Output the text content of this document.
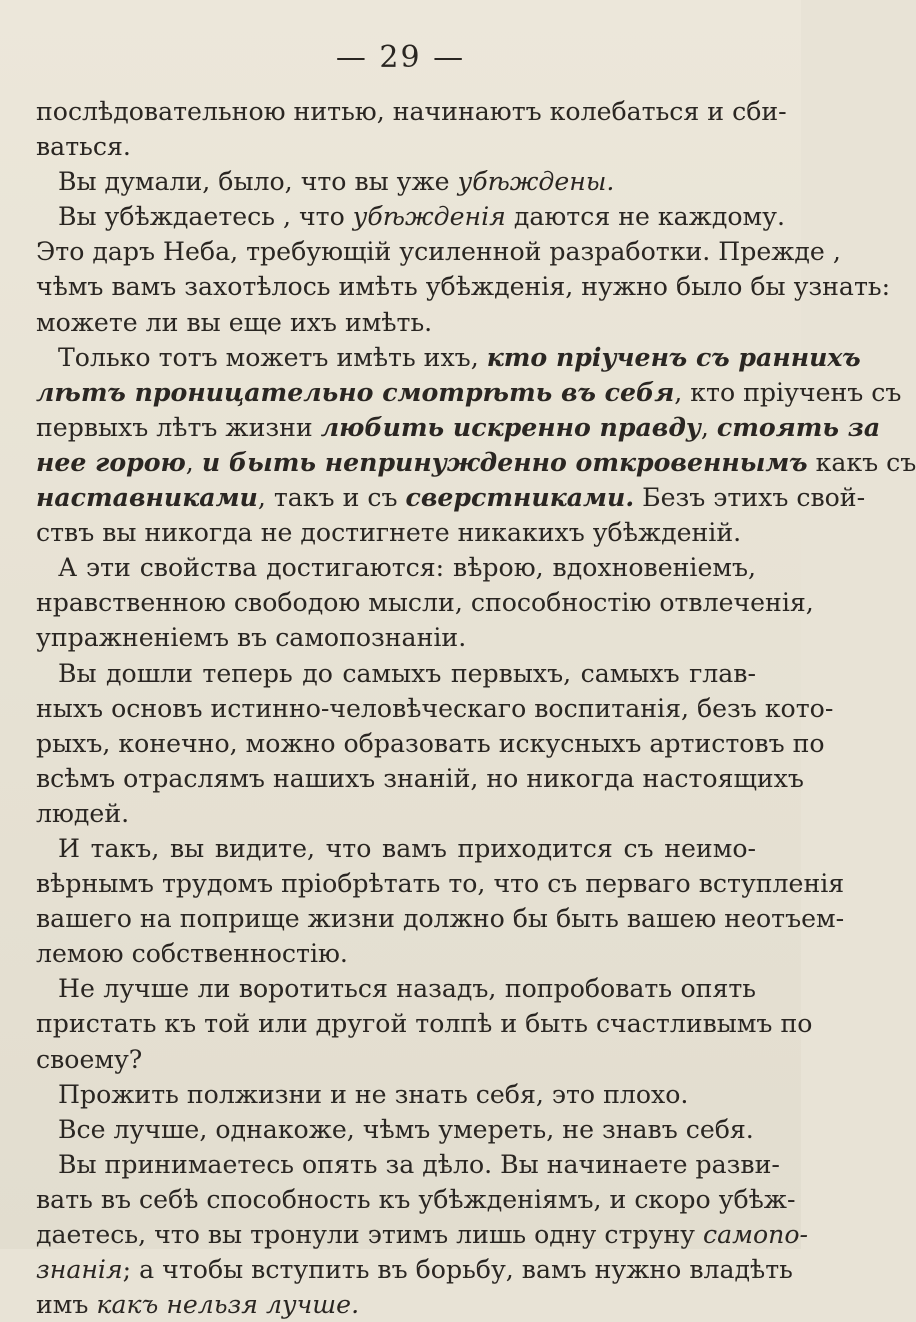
— 29 —
послѣдовательною нитью, начинаютъ колебаться и сби-
ваться.
Вы думали, было, что вы уже убѣждены.
Вы убѣждаетесь , что убѣжденія даются не каждому.
Это даръ Неба, требующій усиленной разработки. Прежде ,
чѣмъ вамъ захотѣлось имѣть убѣжденія, нужно было бы узнать:
можете ли вы еще ихъ имѣть.
Только тотъ можетъ имѣть ихъ, кто пріученъ съ раннихъ
лѣтъ проницательно смотрѣть въ себя, кто пріученъ съ
первыхъ лѣтъ жизни любить искренно правду, стоять за
нее горою, и быть непринужденно откровеннымъ какъ съ
наставниками, такъ и съ сверстниками. Безъ этихъ свой-
ствъ вы никогда не достигнете никакихъ убѣжденій.
А эти свойства достигаются: вѣрою, вдохновеніемъ,
нравственною свободою мысли, способностію отвлеченія,
упражненіемъ въ самопознаніи.
Вы дошли теперь до самыхъ первыхъ, самыхъ глав-
ныхъ основъ истинно-человѣческаго воспитанія, безъ кото-
рыхъ, конечно, можно образовать искусныхъ артистовъ по
всѣмъ отраслямъ нашихъ знаній, но никогда настоящихъ
людей.
И такъ, вы видите, что вамъ приходится съ неимо-
вѣрнымъ трудомъ пріобрѣтать то, что съ перваго вступленія
вашего на поприще жизни должно бы быть вашею неотъем-
лемою собственностію.
Не лучше ли воротиться назадъ, попробовать опять
пристать къ той или другой толпѣ и быть счастливымъ по
своему?
Прожить полжизни и не знать себя, это плохо.
Все лучше, однакоже, чѣмъ умереть, не знавъ себя.
Вы принимаетесь опять за дѣло. Вы начинаете разви-
вать въ себѣ способность къ убѣжденіямъ, и скоро убѣж-
даетесь, что вы тронули этимъ лишь одну струну самопо-
знанія; а чтобы вступить въ борьбу, вамъ нужно владѣть
имъ какъ нельзя лучше.
